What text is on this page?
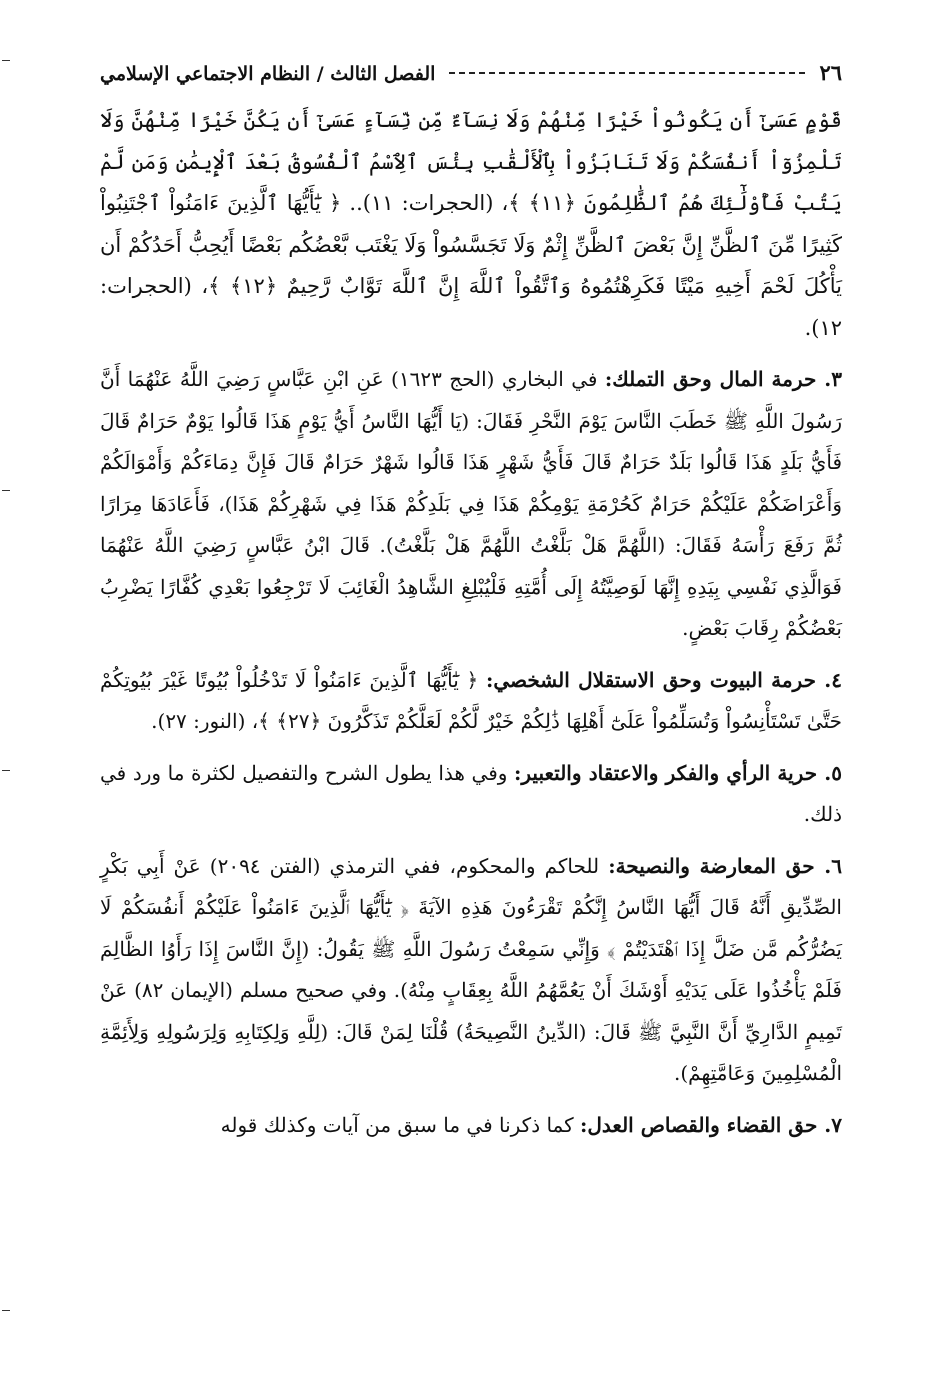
٢٦
الفصل الثالث / النظام الاجتماعي الإسلامي

قَوْمٍ عَسَىٰٓ أَن يَكُونُواْ خَيْرًا مِّنْهُمْ وَلَا نِسَآءٌ مِّن نِّسَآءٍ عَسَىٰٓ أَن يَكُنَّ خَيْرًا مِّنْهُنَّ وَلَا تَلْمِزُوٓاْ أَنفُسَكُمْ وَلَا تَنَابَزُواْ بِٱلْأَلْقَٰبِ بِئْسَ ٱلِٱسْمُ ٱلْفُسُوقُ بَعْدَ ٱلْإِيمَٰنِ وَمَن لَّمْ يَتُبْ فَأُوْلَٰٓئِكَ هُمُ ٱلظَّٰلِمُونَ ﴿١١﴾ ﴾، (الحجرات: ١١).. ﴿ يَٰٓأَيُّهَا ٱلَّذِينَ ءَامَنُواْ ٱجْتَنِبُواْ كَثِيرًا مِّنَ ٱلظَّنِّ إِنَّ بَعْضَ ٱلظَّنِّ إِثْمٌ وَلَا تَجَسَّسُواْ وَلَا يَغْتَب بَّعْضُكُم بَعْضًا أَيُحِبُّ أَحَدُكُمْ أَن يَأْكُلَ لَحْمَ أَخِيهِ مَيْتًا فَكَرِهْتُمُوهُ وَٱتَّقُواْ ٱللَّهَ إِنَّ ٱللَّهَ تَوَّابٌ رَّحِيمٌ ﴿١٢﴾ ﴾، (الحجرات: ١٢).

٣. حرمة المال وحق التملك: في البخاري (الحج ١٦٢٣) عَنِ ابْنِ عَبَّاسٍ رَضِيَ اللَّهُ عَنْهُمَا أَنَّ رَسُولَ اللَّهِ ﷺ خَطَبَ النَّاسَ يَوْمَ النَّحْرِ فَقَالَ: (يَا أَيُّهَا النَّاسُ أَيُّ يَوْمٍ هَذَا قَالُوا يَوْمٌ حَرَامٌ قَالَ فَأَيُّ بَلَدٍ هَذَا قَالُوا بَلَدٌ حَرَامٌ قَالَ فَأَيُّ شَهْرٍ هَذَا قَالُوا شَهْرٌ حَرَامٌ قَالَ فَإِنَّ دِمَاءَكُمْ وَأَمْوَالَكُمْ وَأَعْرَاضَكُمْ عَلَيْكُمْ حَرَامٌ كَحُرْمَةِ يَوْمِكُمْ هَذَا فِي بَلَدِكُمْ هَذَا فِي شَهْرِكُمْ هَذَا)، فَأَعَادَهَا مِرَارًا ثُمَّ رَفَعَ رَأْسَهُ فَقَالَ: (اللَّهُمَّ هَلْ بَلَّغْتُ اللَّهُمَّ هَلْ بَلَّغْتُ). قَالَ ابْنُ عَبَّاسٍ رَضِيَ اللَّهُ عَنْهُمَا فَوَالَّذِي نَفْسِي بِيَدِهِ إِنَّهَا لَوَصِيَّتُهُ إِلَى أُمَّتِهِ فَلْيُبْلِغِ الشَّاهِدُ الْغَائِبَ لَا تَرْجِعُوا بَعْدِي كُفَّارًا يَضْرِبُ بَعْضُكُمْ رِقَابَ بَعْضٍ.

٤. حرمة البيوت وحق الاستقلال الشخصي: ﴿ يَٰٓأَيُّهَا ٱلَّذِينَ ءَامَنُواْ لَا تَدْخُلُواْ بُيُوتًا غَيْرَ بُيُوتِكُمْ حَتَّىٰ تَسْتَأْنِسُواْ وَتُسَلِّمُواْ عَلَىٰٓ أَهْلِهَا ذَٰلِكُمْ خَيْرٌ لَّكُمْ لَعَلَّكُمْ تَذَكَّرُونَ ﴿٢٧﴾ ﴾، (النور: ٢٧).

٥. حرية الرأي والفكر والاعتقاد والتعبير: وفي هذا يطول الشرح والتفصيل لكثرة ما ورد في ذلك.

٦. حق المعارضة والنصيحة: للحاكم والمحكوم، ففي الترمذي (الفتن ٢٠٩٤) عَنْ أَبِي بَكْرٍ الصِّدِّيقِ أَنَّهُ قَالَ أَيُّهَا النَّاسُ إِنَّكُمْ تَقْرَءُونَ هَذِهِ الآيَةَ ﴿ يَٰٓأَيُّهَا ٱلَّذِينَ ءَامَنُواْ عَلَيْكُمْ أَنفُسَكُمْ لَا يَضُرُّكُم مَّن ضَلَّ إِذَا ٱهْتَدَيْتُمْ ﴾ وَإِنِّي سَمِعْتُ رَسُولَ اللَّهِ ﷺ يَقُولُ: (إِنَّ النَّاسَ إِذَا رَأَوُا الظَّالِمَ فَلَمْ يَأْخُذُوا عَلَى يَدَيْهِ أَوْشَكَ أَنْ يَعُمَّهُمُ اللَّهُ بِعِقَابٍ مِنْهُ). وفي صحيح مسلم (الإيمان ٨٢) عَنْ تَمِيمٍ الدَّارِيِّ أَنَّ النَّبِيَّ ﷺ قَالَ: (الدِّينُ النَّصِيحَةُ) قُلْنَا لِمَنْ قَالَ: (لِلَّهِ وَلِكِتَابِهِ وَلِرَسُولِهِ وَلِأَئِمَّةِ الْمُسْلِمِينَ وَعَامَّتِهِمْ).

٧. حق القضاء والقصاص العدل: كما ذكرنا في ما سبق من آيات وكذلك قوله
